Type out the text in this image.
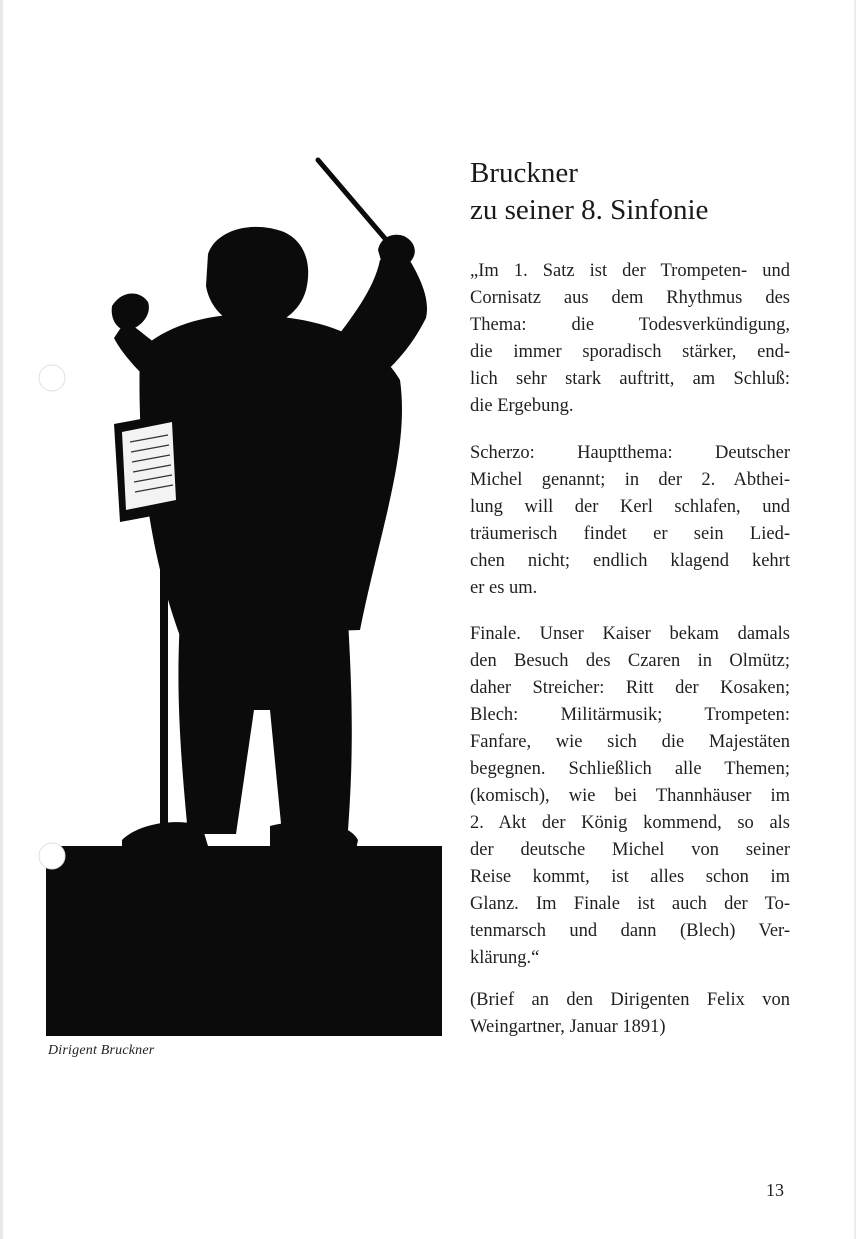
Dirigent Bruckner
Bruckner
zu seiner 8. Sinfonie
„Im 1. Satz ist der Trompeten- und
Cornisatz aus dem Rhythmus des
Thema: die Todesverkündigung,
die immer sporadisch stärker, end-
lich sehr stark auftritt, am Schluß:
die Ergebung.
Scherzo: Hauptthema: Deutscher
Michel genannt; in der 2. Abthei-
lung will der Kerl schlafen, und
träumerisch findet er sein Lied-
chen nicht; endlich klagend kehrt
er es um.
Finale. Unser Kaiser bekam damals
den Besuch des Czaren in Olmütz;
daher Streicher: Ritt der Kosaken;
Blech: Militärmusik; Trompeten:
Fanfare, wie sich die Majestäten
begegnen. Schließlich alle Themen;
(komisch), wie bei Thannhäuser im
2. Akt der König kommend, so als
der deutsche Michel von seiner
Reise kommt, ist alles schon im
Glanz. Im Finale ist auch der To-
tenmarsch und dann (Blech) Ver-
klärung.“
(Brief an den Dirigenten Felix von
Weingartner, Januar 1891)
13
